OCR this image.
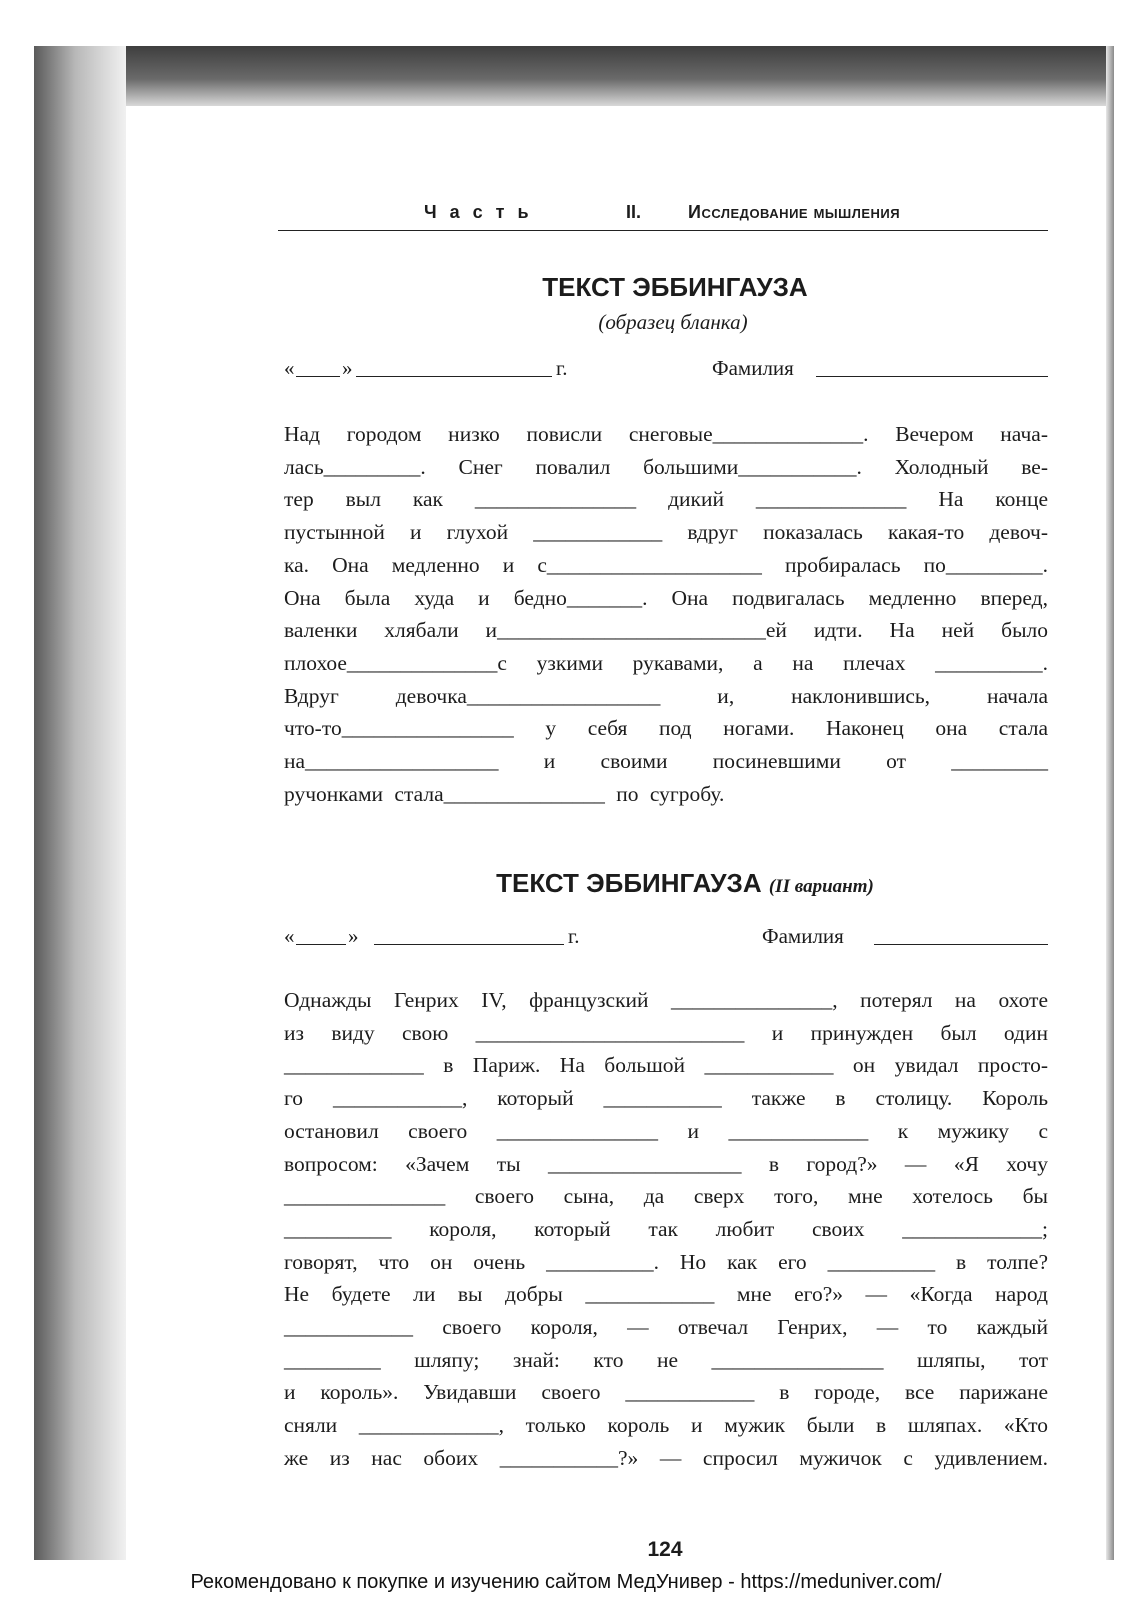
Часть	II.	Исследование мышления
ТЕКСТ ЭББИНГАУЗА
(образец бланка)
« »	г.	Фамилия
Над городом низко повисли снеговые______________. Вечером нача-
лась_________. Снег повалил большими___________. Холодный ве-
тер выл как _______________ дикий ______________ На конце
пустынной и глухой ____________ вдруг показалась какая-то девоч-
ка. Она медленно и с____________________ пробиралась по_________.
Она была худа и бедно_______. Она подвигалась медленно вперед,
валенки хлябали и_________________________ей идти. На ней было
плохое______________с узкими рукавами, а на плечах __________.
Вдруг девочка__________________ и, наклонившись, начала
что-то________________ у себя под ногами. Наконец она стала
на__________________ и своими посиневшими от _________
ручонками стала_______________ по сугробу.
ТЕКСТ ЭББИНГАУЗА (II вариант)
«	»	г.	Фамилия
Однажды Генрих IV, французский _______________, потерял на охоте
из виду свою _________________________ и принужден был один
_____________ в Париж. На большой ____________ он увидал просто-
го ____________, который ___________ также в столицу. Король
остановил своего _______________ и _____________ к мужику с
вопросом: «Зачем ты __________________ в город?» — «Я хочу
_______________ своего сына, да сверх того, мне хотелось бы
__________ короля, который так любит своих _____________;
говорят, что он очень __________. Но как его __________ в толпе?
Не будете ли вы добры ____________ мне его?» — «Когда народ
____________ своего короля, — отвечал Генрих, — то каждый
_________ шляпу; знай: кто не ________________ шляпы, тот
и король». Увидавши своего ____________ в городе, все парижане
сняли _____________, только король и мужик были в шляпах. «Кто
же из нас обоих ___________?» — спросил мужичок с удивлением.
124
Рекомендовано к покупке и изучению сайтом МедУнивер - https://meduniver.com/
